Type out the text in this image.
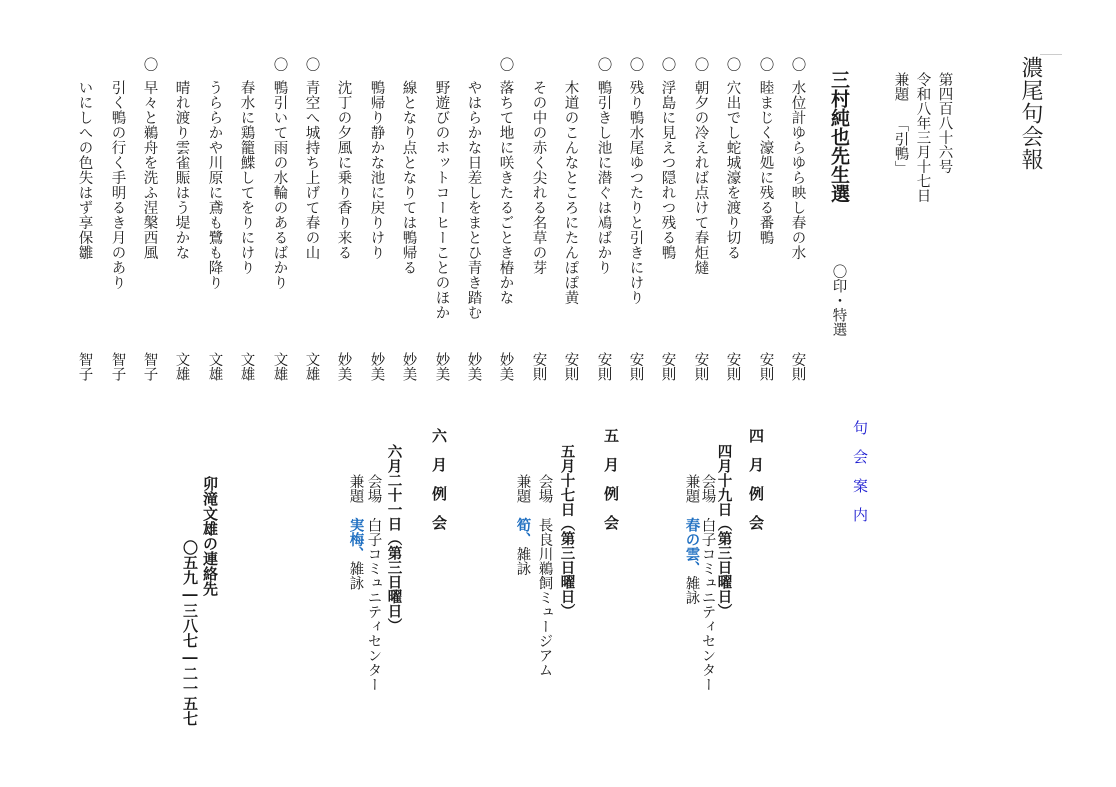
濃尾句会報
第四百八十六号
令和八年三月十七日
兼題 「引鴨」
三村純也先生選
〇印・特選
〇
水位計ゆらゆら映し春の水
安則
〇
睦まじく濠処に残る番鴨
安則
〇
穴出でし蛇城濠を渡り切る
安則
〇
朝夕の冷えれば点けて春炬燵
安則
〇
浮島に見えつ隠れつ残る鴨
安則
〇
残り鴨水尾ゆつたりと引きにけり
安則
〇
鴨引きし池に潜ぐは鳰ばかり
安則
木道のこんなところにたんぽぽ黄
安則
その中の赤く尖れる名草の芽
安則
〇
落ちて地に咲きたるごとき椿かな
妙美
やはらかな日差しをまとひ青き踏む
妙美
野遊びのホットコーヒーことのほか
妙美
線となり点となりては鴨帰る
妙美
鴨帰り静かな池に戻りけり
妙美
沈丁の夕風に乗り香り来る
妙美
〇
青空へ城持ち上げて春の山
文雄
〇
鴨引いて雨の水輪のあるばかり
文雄
春水に鶏籠鰈してをりにけり
文雄
うららかや川原に鳶も鷺も降り
文雄
晴れ渡り雲雀賑はう堤かな
文雄
〇
早々と鵜舟を洗ふ涅槃西風
智子
引く鴨の行く手明るき月のあり
智子
いにしへの色失はず享保雛
智子
句会案内
四月例会
四月十九日（第三日曜日）
会場　白子コミュニティセンター
兼題　春の雲、雑詠
五月例会
五月十七日（第三日曜日）
会場　長良川鵜飼ミュージアム
兼題　筍、雑詠
六月例会
六月二十一日（第三日曜日）
会場　白子コミュニティセンター
兼題　実梅、雑詠
卯滝文雄の連絡先
〇五九―三八七―二一五七
